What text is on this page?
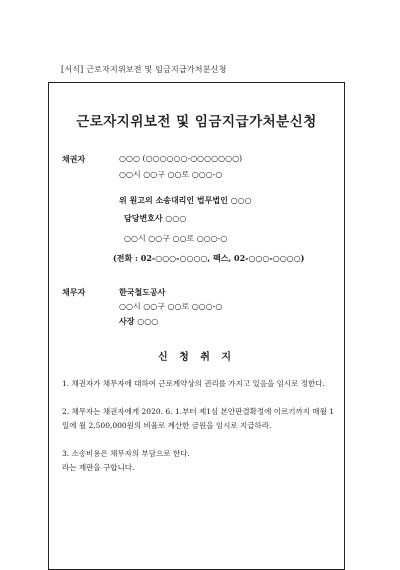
[서식] 근로자지위보전 및 임금지급가처분신청
근로자지위보전 및 임금지급가처분신청
채권자	○○○ (○○○○○○-○○○○○○○)
○○시 ○○구 ○○로 ○○○-○
위 원고의 소송대리인 법무법인 ○○○
담당변호사 ○○○
○○시 ○○구 ○○로 ○○○-○
(전화 : 02-○○○-○○○○, 팩스, 02-○○○-○○○○)
채무자	한국철도공사
○○시 ○○구 ○○로 ○○○-○
사장 ○○○
신 청 취 지
1. 채권자가 채무자에 대하여 근로계약상의 권리를 가지고 있음을 임시로 정한다.
2. 채무자는 채권자에게 2020. 6. 1.부터 제1심 본안판결확정에 이르기까지 매월 1일에 월 2,500,000원의 비율로 계산한 금원을 임시로 지급하라.
3. 소송비용은 채무자의 부담으로 한다.
라는 재판을 구합니다.
